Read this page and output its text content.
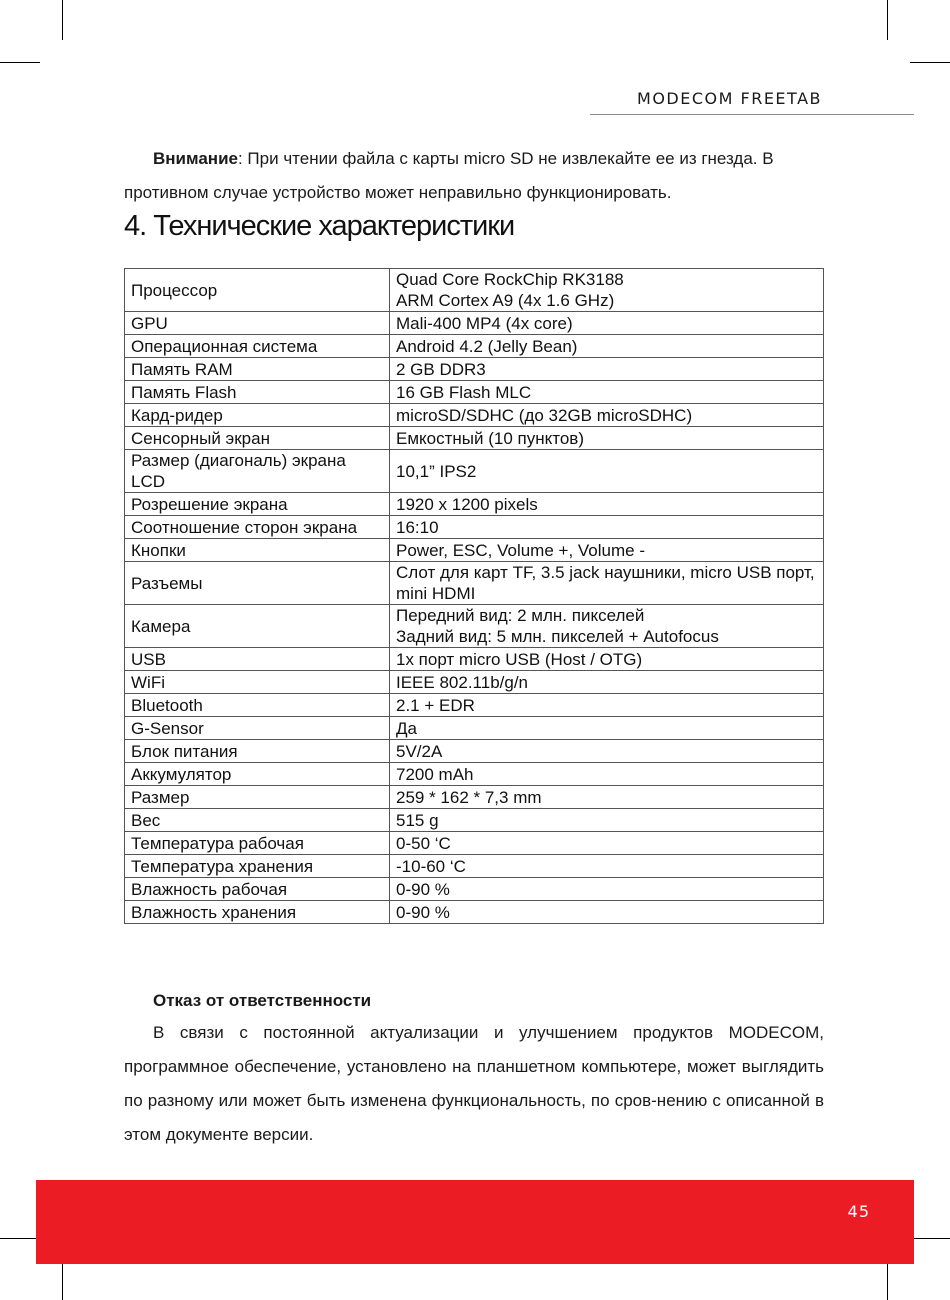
MODECOM FREETAB
Внимание: При чтении файла с карты micro SD не извлекайте ее из гнезда. В противном случае устройство может неправильно функционировать.
4. Технические характеристики
Процессор	Quad Core RockChip RK3188
ARM Cortex A9 (4x 1.6 GHz)
GPU	Mali-400 MP4 (4x core)
Операционная система	Android 4.2 (Jelly Bean)
Память RAM	2 GB DDR3
Память Flash	16 GB Flash MLC
Кард-ридер	microSD/SDHC (до 32GB microSDHC)
Сенсорный экран	Емкостный (10 пунктов)
Размер (диагональ) экрана LCD	10,1” IPS2
Розрешение экрана	1920 x 1200 pixels
Соотношение сторон экрана	16:10
Кнопки	Power, ESC, Volume +, Volume -
Разъемы	Слот для карт TF, 3.5 jack наушники, micro USB порт, mini HDMI
Камера	Передний вид: 2 млн. пикселей
Задний вид: 5 млн. пикселей + Autofocus
USB	1x порт micro USB (Host / OTG)
WiFi	IEEE 802.11b/g/n
Bluetooth	2.1 + EDR
G-Sensor	Да
Блок питания	5V/2A
Аккумулятор	7200 mAh
Размер	259 * 162 * 7,3 mm
Вес	515 g
Температура рабочая	0-50 ‘C
Температура хранения	-10-60 ‘C
Влажность рабочая	0-90 %
Влажность хранения	0-90 %
Отказ от ответственности
В связи с постоянной актуализации и улучшением продуктов MODECOM, программное обеспечение, установлено на планшетном компьютере, может выглядить по разному или может быть изменена функциональность, по сров-нению с описанной в этом документе версии.
45
